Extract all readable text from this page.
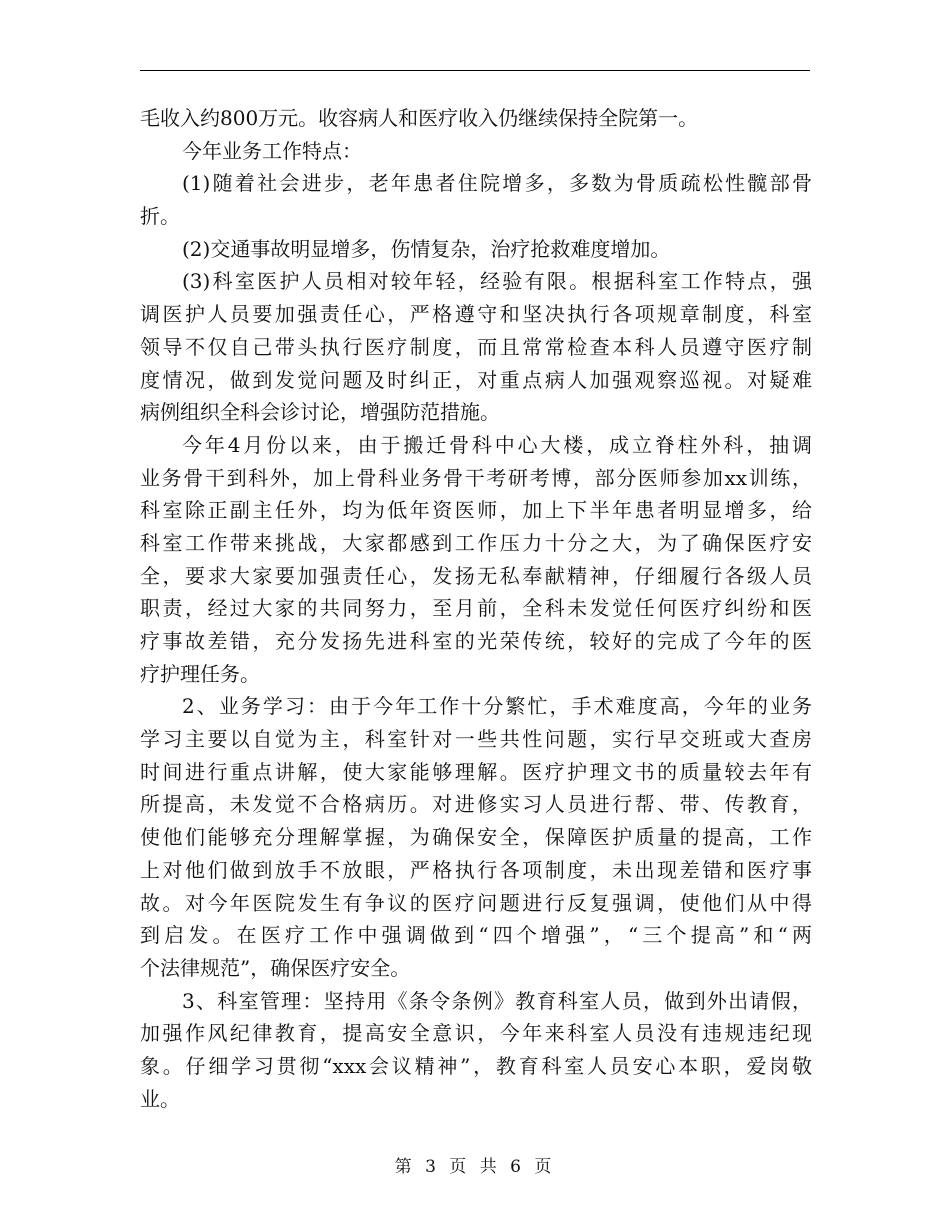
毛收入约800万元。收容病人和医疗收入仍继续保持全院第一。
今年业务工作特点：
(1)随着社会进步，老年患者住院增多，多数为骨质疏松性髋部骨
折。
(2)交通事故明显增多，伤情复杂，治疗抢救难度增加。
(3)科室医护人员相对较年轻，经验有限。根据科室工作特点，强
调医护人员要加强责任心，严格遵守和坚决执行各项规章制度，科室
领导不仅自己带头执行医疗制度，而且常常检查本科人员遵守医疗制
度情况，做到发觉问题及时纠正，对重点病人加强观察巡视。对疑难
病例组织全科会诊讨论，增强防范措施。
今年4月份以来，由于搬迁骨科中心大楼，成立脊柱外科，抽调
业务骨干到科外，加上骨科业务骨干考研考博，部分医师参加xx训练，
科室除正副主任外，均为低年资医师，加上下半年患者明显增多，给
科室工作带来挑战，大家都感到工作压力十分之大，为了确保医疗安
全，要求大家要加强责任心，发扬无私奉献精神，仔细履行各级人员
职责，经过大家的共同努力，至月前，全科未发觉任何医疗纠纷和医
疗事故差错，充分发扬先进科室的光荣传统，较好的完成了今年的医
疗护理任务。
2、业务学习：由于今年工作十分繁忙，手术难度高，今年的业务
学习主要以自觉为主，科室针对一些共性问题，实行早交班或大查房
时间进行重点讲解，使大家能够理解。医疗护理文书的质量较去年有
所提高，未发觉不合格病历。对进修实习人员进行帮、带、传教育，
使他们能够充分理解掌握，为确保安全，保障医护质量的提高，工作
上对他们做到放手不放眼，严格执行各项制度，未出现差错和医疗事
故。对今年医院发生有争议的医疗问题进行反复强调，使他们从中得
到启发。在医疗工作中强调做到“四个增强”，“三个提高”和“两
个法律规范”，确保医疗安全。
3、科室管理：坚持用《条令条例》教育科室人员，做到外出请假，
加强作风纪律教育，提高安全意识，今年来科室人员没有违规违纪现
象。仔细学习贯彻“xxx会议精神”，教育科室人员安心本职，爱岗敬
业。
第 3 页 共 6 页
